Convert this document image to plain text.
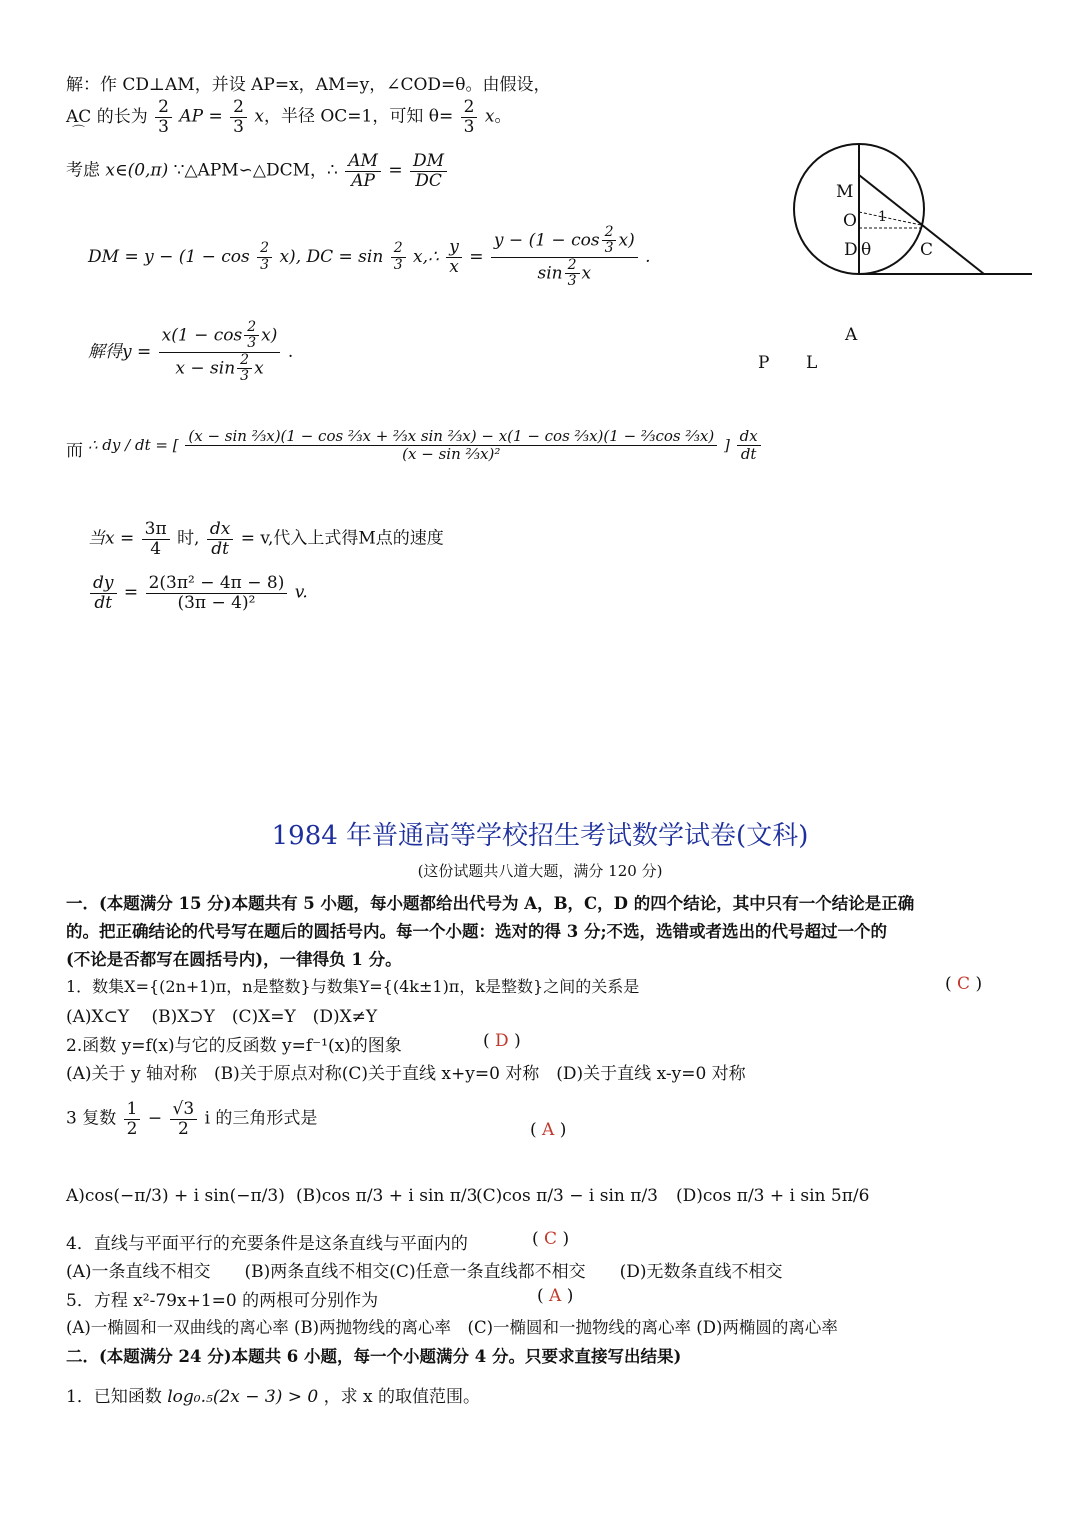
解：作 CD⊥AM，并设 AP=x，AM=y，∠COD=θ。由假设，
AC 的长为 ⌒ $\frac{2}{3}$ AP = $\frac{2}{3}$ x，半径 OC=1，可知 $\theta= \frac{2}{3}$ x。
考虑 x∈(0,π) ∵△APM∽△DCM，∴ $\frac{AM}{AP} = \frac{DM}{DC}$
DM = $y - (1 - \cos \frac{2}{3} x)$, DC = $\sin \frac{2}{3}$ x,∴ $\frac{y}{x} = \frac{y - (1 - \cos \frac{2}{3} x)}{\sin \frac{2}{3} x}$ .
解得$y = \frac{x(1 - \cos \frac{2}{3} x)}{x - \sin \frac{2}{3} x}$ .
而 ∴ dy / dt = [ (x − sin ⅔x)(1 − cos ⅔x + ⅔x sin ⅔x) − x(1 − cos ⅔x)(1 − ⅔cos ⅔x)
(x − sin ⅔x)²	] $\frac{dx}{dt}$
当$x = \frac{3\pi}{4}$ 时, $\frac{dx}{dt} = v$,代入上式得M点的速度
$\frac{dy}{dt} = \frac{\text{2(3π² − 4π − 8)}}{\text{(3π − 4)²}} v$.
M
O 1
D θ	C
A
P L
1984 年普通高等学校招生考试数学试卷(文科)
(这份试题共八道大题，满分 120 分)
一．(本题满分 15 分)本题共有 5 小题，每小题都给出代号为 A，B，C，D 的四个结论，其中只有一个结论是正确
的。把正确结论的代号写在题后的圆括号内。每一个小题：选对的得 3 分;不选，选错或者选出的代号超过一个的
(不论是否都写在圆括号内)，一律得负 1 分。
1．数集X={(2n+1)π，n是整数}与数集Y={(4k±1)π，k是整数}之间的关系是	( C )
(A)X⊂Y　 (B)X⊃Y　(C)X=Y　(D)X≠Y
2.函数 y=f(x)与它的反函数 y=f⁻¹(x)的图象	( D )
(A)关于 y 轴对称　(B)关于原点对称(C)关于直线 x+y=0 对称　(D)关于直线 x-y=0 对称
3 复数 $\frac{1}{2} - \frac{√3}{2}$ i 的三角形式是
( A )
A)cos(−π/3) + i sin(−π/3) (B)cos π/3 + i sin π/3
(C)cos π/3 − i sin π/3 (D)cos π/3 + i sin 5π/6
4．直线与平面平行的充要条件是这条直线与平面内的	( C )
(A)一条直线不相交　　(B)两条直线不相交(C)任意一条直线都不相交　　(D)无数条直线不相交
5．方程 x²-79x+1=0 的两根可分别作为	( A )
(A)一椭圆和一双曲线的离心率 (B)两抛物线的离心率　(C)一椭圆和一抛物线的离心率 (D)两椭圆的离心率
二．(本题满分 24 分)本题共 6 小题，每一个小题满分 4 分。只要求直接写出结果)
1．已知函数 log₀.₅(2x − 3) > 0 ，求 x 的取值范围。
